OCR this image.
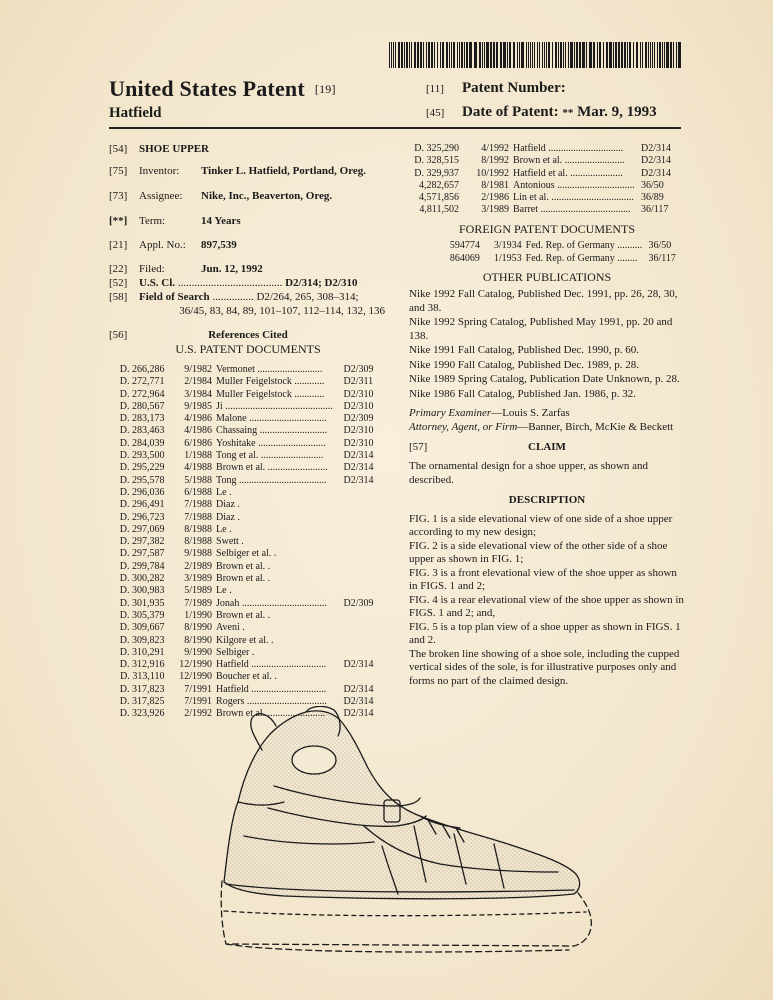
United States Patent [19]
Hatfield
[11] Patent Number:
[45] Date of Patent: ** Mar. 9, 1993
[54] SHOE UPPER
[75] Inventor: Tinker L. Hatfield, Portland, Oreg.
[73] Assignee: Nike, Inc., Beaverton, Oreg.
[**] Term:	14 Years
[21] Appl. No.: 897,539
[22] Filed:	Jun. 12, 1992
[52] U.S. Cl. ...................................... D2/314; D2/310
[58] Field of Search ............... D2/264, 265, 308–314;
36/45, 83, 84, 89, 101–107, 112–114, 132, 136
[56]	References Cited
U.S. PATENT DOCUMENTS
D. 266,286	9/1982	Vermonet ..........................	D2/309
D. 272,771	2/1984	Muller Feigelstock ............	D2/311
D. 272,964	3/1984	Muller Feigelstock ............	D2/310
D. 280,567	9/1985	Ji ...........................................	D2/310
D. 283,173	4/1986	Malone ...............................	D2/309
D. 283,463	4/1986	Chassaing ...........................	D2/310
D. 284,039	6/1986	Yoshitake ...........................	D2/310
D. 293,500	1/1988	Tong et al. .........................	D2/314
D. 295,229	4/1988	Brown et al. ........................	D2/314
D. 295,578	5/1988	Tong ...................................	D2/314
D. 296,036	6/1988	Le .	
D. 296,491	7/1988	Diaz .	
D. 296,723	7/1988	Diaz .	
D. 297,069	8/1988	Le .	
D. 297,382	8/1988	Swett .	
D. 297,587	9/1988	Selbiger et al. .	
D. 299,784	2/1989	Brown et al. .	
D. 300,282	3/1989	Brown et al. .	
D. 300,983	5/1989	Le .	
D. 301,935	7/1989	Jonah ..................................	D2/309
D. 305,379	1/1990	Brown et al. .	
D. 309,667	8/1990	Aveni .	
D. 309,823	8/1990	Kilgore et al. .	
D. 310,291	9/1990	Selbiger .	
D. 312,916	12/1990	Hatfield ..............................	D2/314
D. 313,110	12/1990	Boucher et al. .	
D. 317,823	7/1991	Hatfield ..............................	D2/314
D. 317,825	7/1991	Rogers ................................	D2/314
D. 323,926	2/1992	Brown et al. .......................	D2/314
D. 325,290	4/1992	Hatfield ..............................	D2/314
D. 328,515	8/1992	Brown et al. ........................	D2/314
D. 329,937	10/1992	Hatfield et al. .....................	D2/314
4,282,657	8/1981	Antonious ...............................	36/50
4,571,856	2/1986	Lin et al. .................................	36/89
4,811,502	3/1989	Barret ....................................	36/117
FOREIGN PATENT DOCUMENTS
594774	3/1934	Fed. Rep. of Germany ..........	36/50
864069	1/1953	Fed. Rep. of Germany ........	36/117
OTHER PUBLICATIONS

Nike 1992 Fall Catalog, Published Dec. 1991, pp. 26, 28, 30, and 38.

Nike 1992 Spring Catalog, Published May 1991, pp. 20 and 138.

Nike 1991 Fall Catalog, Published Dec. 1990, p. 60.

Nike 1990 Fall Catalog, Published Dec. 1989, p. 28.

Nike 1989 Spring Catalog, Publication Date Unknown, p. 28.

Nike 1986 Fall Catalog, Published Jan. 1986, p. 32.

Primary Examiner—Louis S. Zarfas
Attorney, Agent, or Firm—Banner, Birch, McKie & Beckett
[57]	CLAIM
The ornamental design for a shoe upper, as shown and described.
DESCRIPTION

FIG. 1 is a side elevational view of one side of a shoe upper according to my new design;

FIG. 2 is a side elevational view of the other side of a shoe upper as shown in FIG. 1;

FIG. 3 is a front elevational view of the shoe upper as shown in FIGS. 1 and 2;

FIG. 4 is a rear elevational view of the shoe upper as shown in FIGS. 1 and 2; and,

FIG. 5 is a top plan view of a shoe upper as shown in FIGS. 1 and 2.

The broken line showing of a shoe sole, including the cupped vertical sides of the sole, is for illustrative purposes only and forms no part of the claimed design.
